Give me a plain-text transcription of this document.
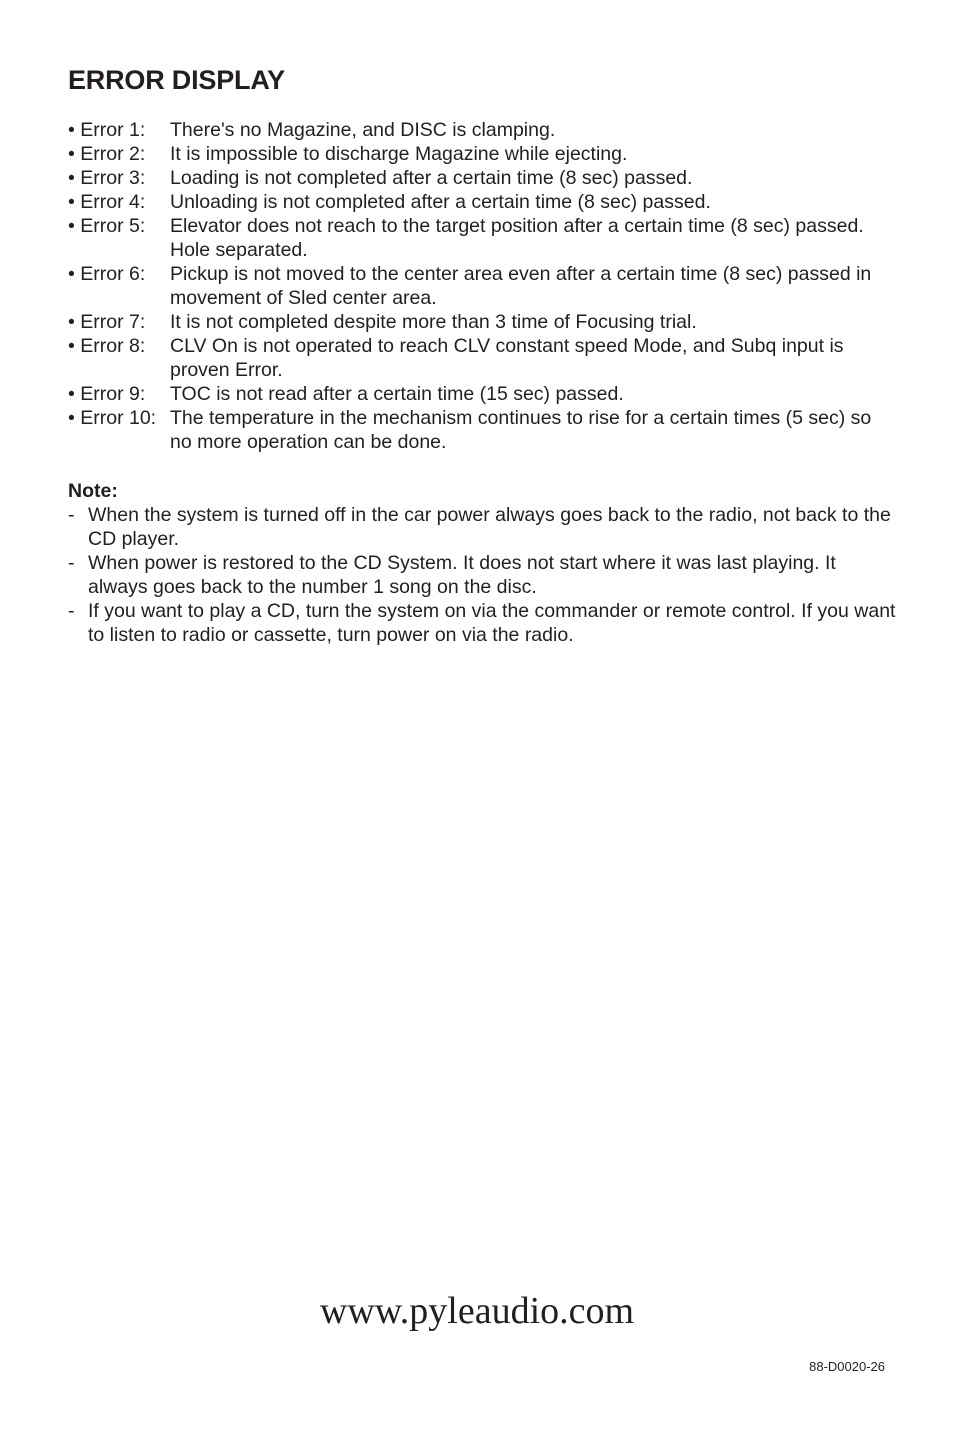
ERROR DISPLAY
• Error 1:	There's no Magazine, and DISC is clamping.
• Error 2:	It is impossible to discharge Magazine while ejecting.
• Error 3:	Loading is not completed after a certain time (8 sec) passed.
• Error 4:	Unloading is not completed after a certain time (8 sec) passed.
• Error 5:	Elevator does not reach to the target position after a certain time (8 sec) passed. Hole separated.
• Error 6:	Pickup is not moved to the center area even after a certain time (8 sec) passed in movement of Sled center area.
• Error 7:	It is not completed despite more than 3 time of Focusing trial.
• Error 8:	CLV On is not operated to reach CLV constant speed Mode, and Subq input is proven Error.
• Error 9:	TOC is not read after a certain time (15 sec) passed.
• Error 10: The temperature in the mechanism continues to rise for a certain times (5 sec) so no more operation can be done.

Note:

- When the system is turned off in the car power always goes back to the radio, not back to the CD player.
- When power is restored to the CD System. It does not start where it was last playing. It always goes back to the number 1 song on the disc.
- If you want to play a CD, turn the system on via the commander or remote control. If you want to listen to radio or cassette, turn power on via the radio.
www.pyleaudio.com
88-D0020-26
